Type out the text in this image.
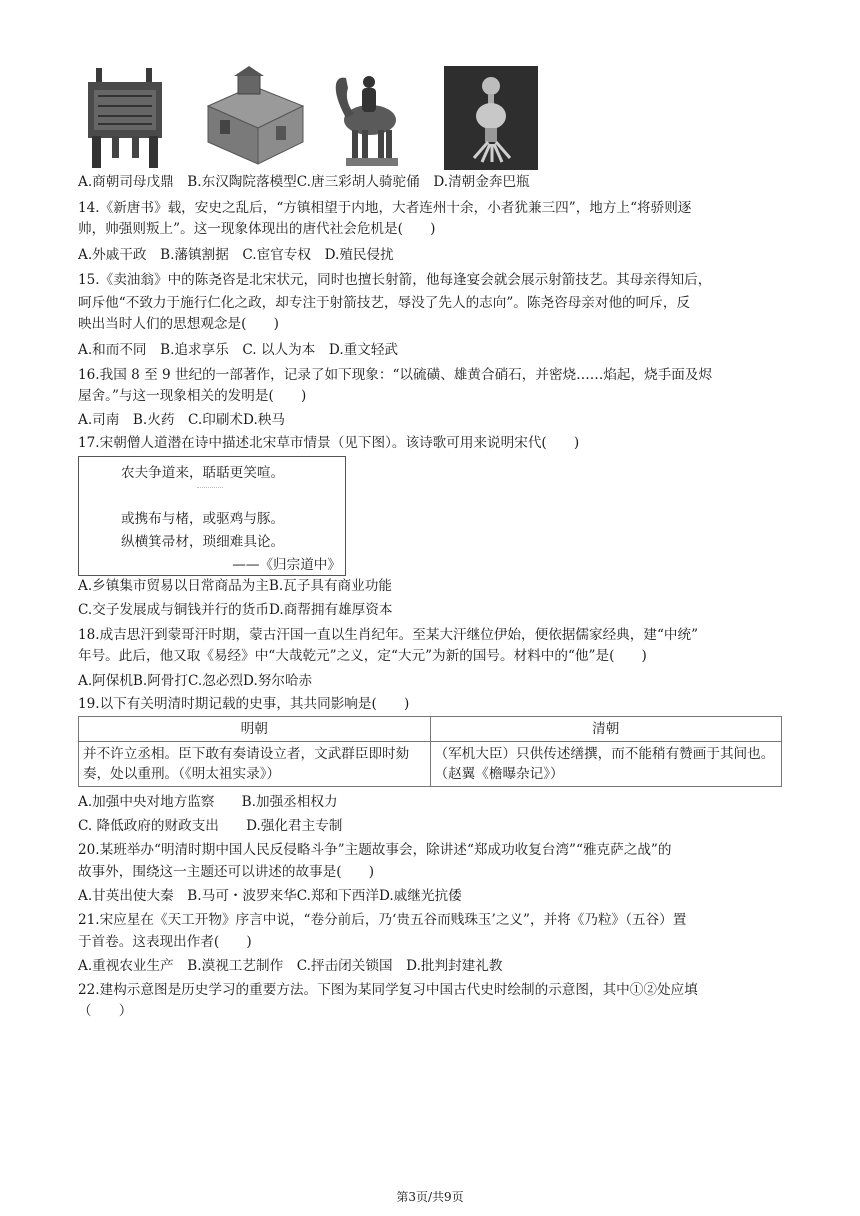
A.商朝司母戊鼎　B.东汉陶院落模型C.唐三彩胡人骑驼俑　D.清朝金奔巴瓶
14.《新唐书》载，安史之乱后，“方镇相望于内地，大者连州十余，小者犹兼三四”，地方上“将骄则逐
帅，帅强则叛上”。这一现象体现出的唐代社会危机是(　　)
A.外戚干政　B.藩镇割据　C.宦官专权　D.殖民侵扰
15.《卖油翁》中的陈尧咨是北宋状元，同时也擅长射箭，他每逢宴会就会展示射箭技艺。其母亲得知后，
呵斥他“不致力于施行仁化之政，却专注于射箭技艺，辱没了先人的志向”。陈尧咨母亲对他的呵斥，反
映出当时人们的思想观念是(　　)
A.和而不同　B.追求享乐　C. 以人为本　D.重文轻武
16.我国 8 至 9 世纪的一部著作，记录了如下现象：“以硫磺、雄黄合硝石，并密烧……焰起，烧手面及烬
屋舍。”与这一现象相关的发明是(　　)
A.司南　B.火药　C.印刷术D.秧马
17.宋朝僧人道潜在诗中描述北宋草市情景（见下图）。该诗歌可用来说明宋代(　　)
农夫争道来，聒聒更笑喧。
或携布与楮，或驱鸡与豚。
纵横箕帚材，琐细难具论。
——《归宗道中》
A.乡镇集市贸易以日常商品为主B.瓦子具有商业功能
C.交子发展成与铜钱并行的货币D.商帮拥有雄厚资本
18.成吉思汗到蒙哥汗时期，蒙古汗国一直以生肖纪年。至某大汗继位伊始，便依据儒家经典，建“中统”
年号。此后，他又取《易经》中“大哉乾元”之义，定“大元”为新的国号。材料中的“他”是(　　)
A.阿保机B.阿骨打C.忽必烈D.努尔哈赤
19.以下有关明清时期记载的史事，其共同影响是(　　)
明朝	清朝
并不许立丞相。臣下敢有奏请设立者，文武群臣即时劾奏，处以重刑。（《明太祖实录》）	（军机大臣）只供传述缮撰，而不能稍有赞画于其间也。（赵翼《檐曝杂记》）
A.加强中央对地方监察　　B.加强丞相权力
C. 降低政府的财政支出　　D.强化君主专制
20.某班举办“明清时期中国人民反侵略斗争”主题故事会，除讲述“郑成功收复台湾”“雅克萨之战”的
故事外，围绕这一主题还可以讲述的故事是(　　)
A.甘英出使大秦　B.马可・波罗来华C.郑和下西洋D.戚继光抗倭
21.宋应星在《天工开物》序言中说，“卷分前后，乃‘贵五谷而贱珠玉’之义”，并将《乃粒》（五谷）置
于首卷。这表现出作者(　　)
A.重视农业生产　B.漠视工艺制作　C.抨击闭关锁国　D.批判封建礼教
22.建构示意图是历史学习的重要方法。下图为某同学复习中国古代史时绘制的示意图，其中①②处应填
（　　）
第3页/共9页
